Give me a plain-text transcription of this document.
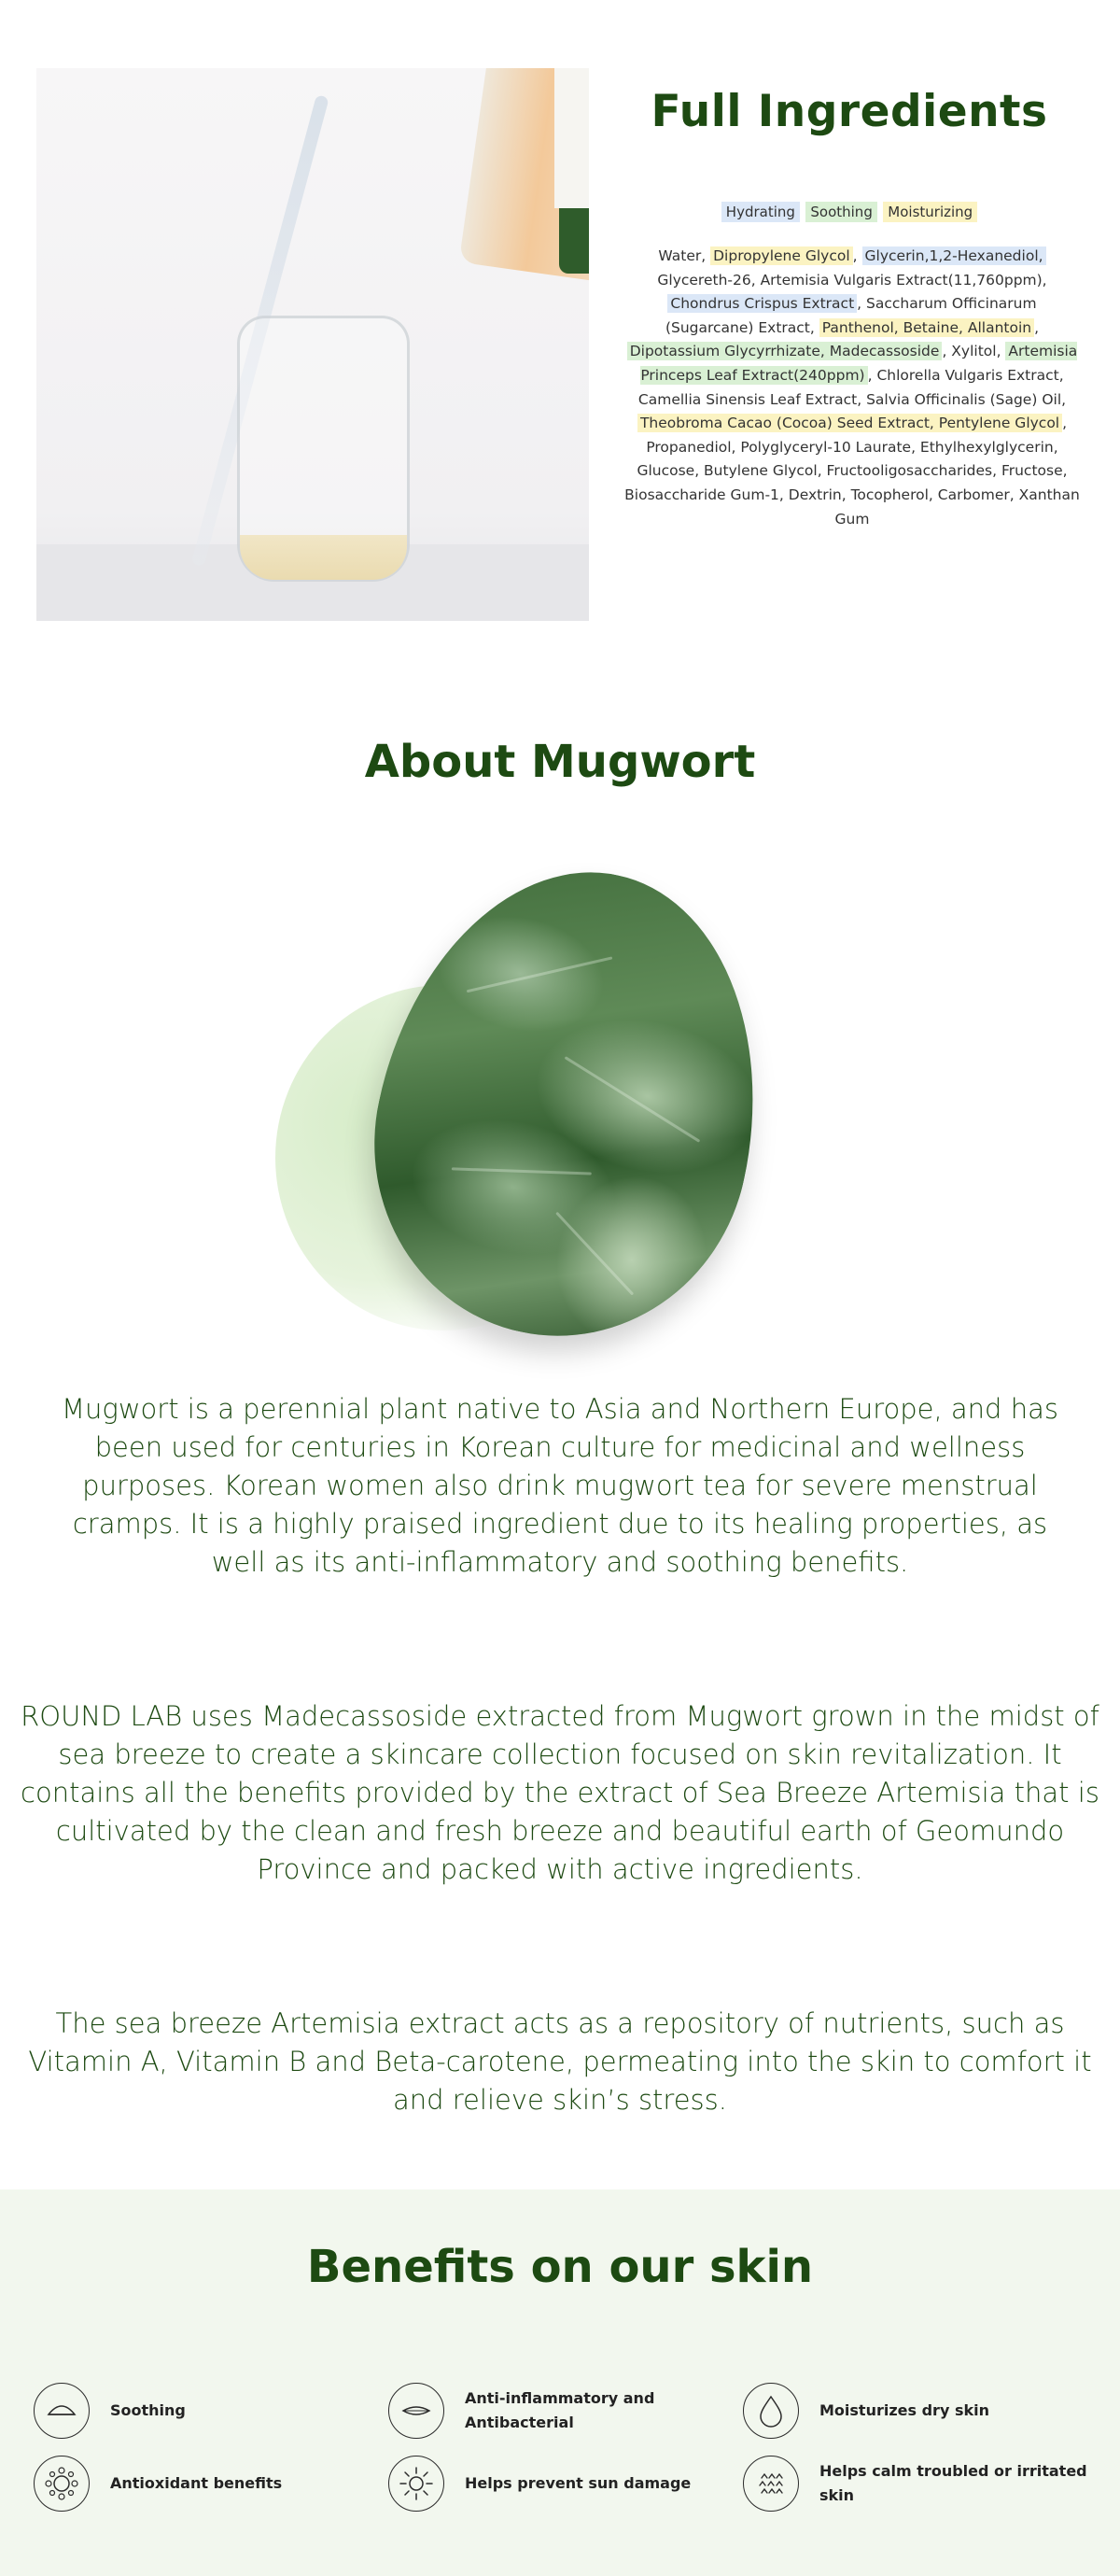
Full Ingredients
Hydrating Soothing Moisturizing

Water, Dipropylene Glycol , Glycerin,1,2-Hexanediol, Glycereth-26, Artemisia Vulgaris Extract(11,760ppm), Chondrus Crispus Extract , Saccharum Officinarum (Sugarcane) Extract, Panthenol, Betaine, Allantoin , Dipotassium Glycyrrhizate, Madecassoside , Xylitol, Artemisia Princeps Leaf Extract(240ppm) , Chlorella Vulgaris Extract, Camellia Sinensis Leaf Extract, Salvia Officinalis (Sage) Oil, Theobroma Cacao (Cocoa) Seed Extract, Pentylene Glycol , Propanediol, Polyglyceryl-10 Laurate, Ethylhexylglycerin, Glucose, Butylene Glycol, Fructooligosaccharides, Fructose, Biosaccharide Gum-1, Dextrin, Tocopherol, Carbomer, Xanthan Gum

About Mugwort

Mugwort is a perennial plant native to Asia and Northern Europe, and has been used for centuries in Korean culture for medicinal and wellness purposes. Korean women also drink mugwort tea for severe menstrual cramps. It is a highly praised ingredient due to its healing properties, as well as its anti-inflammatory and soothing benefits.

ROUND LAB uses Madecassoside extracted from Mugwort grown in the midst of sea breeze to create a skincare collection focused on skin revitalization. It contains all the benefits provided by the extract of Sea Breeze Artemisia that is cultivated by the clean and fresh breeze and beautiful earth of Geomundo Province and packed with active ingredients.

The sea breeze Artemisia extract acts as a repository of nutrients, such as Vitamin A, Vitamin B and Beta-carotene, permeating into the skin to comfort it and relieve skin’s stress.

Benefits on our skin
Soothing
Anti-inflammatory and Antibacterial
Moisturizes dry skin
Antioxidant benefits	Helps prevent sun damage
Helps calm troubled or irritated skin
